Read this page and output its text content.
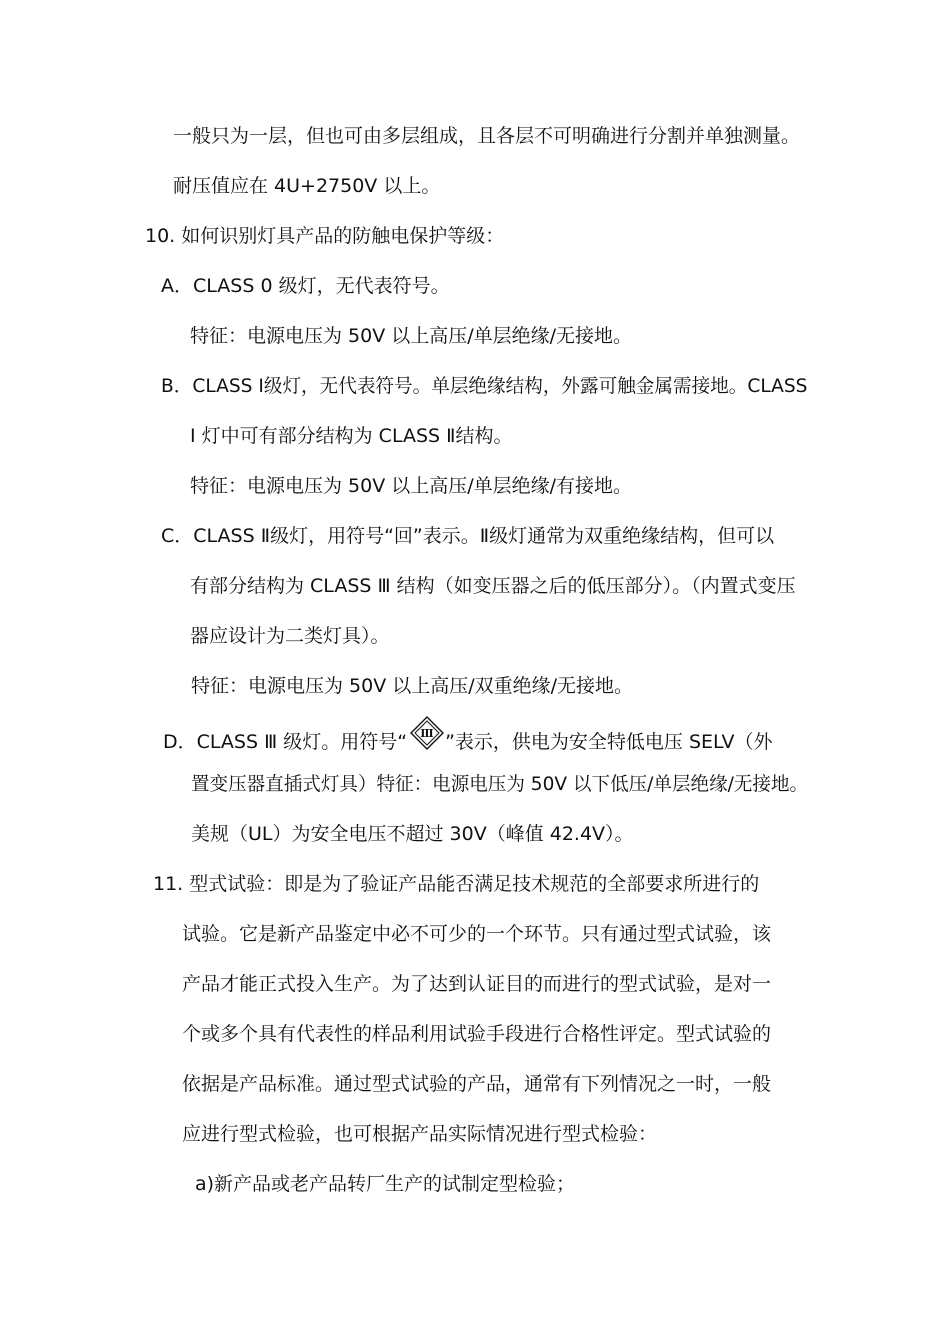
一般只为一层，但也可由多层组成，且各层不可明确进行分割并单独测量。
耐压值应在 4U+2750V 以上。
10. 如何识别灯具产品的防触电保护等级：
A．CLASS 0 级灯，无代表符号。
特征：电源电压为 50V 以上高压/单层绝缘/无接地。
B．CLASS Ⅰ级灯，无代表符号。单层绝缘结构，外露可触金属需接地。CLASS
Ⅰ 灯中可有部分结构为 CLASS Ⅱ结构。
特征：电源电压为 50V 以上高压/单层绝缘/有接地。
C．CLASS Ⅱ级灯，用符号“回”表示。Ⅱ级灯通常为双重绝缘结构，但可以
有部分结构为 CLASS Ⅲ 结构（如变压器之后的低压部分）。（内置式变压
器应设计为二类灯具）。
特征：电源电压为 50V 以上高压/双重绝缘/无接地。
D．CLASS Ⅲ 级灯。用符号“ Ⅲ ”表示，供电为安全特低电压 SELV（外
置变压器直插式灯具）特征：电源电压为 50V 以下低压/单层绝缘/无接地。
美规（UL）为安全电压不超过 30V（峰值 42.4V）。
11. 型式试验：即是为了验证产品能否满足技术规范的全部要求所进行的
试验。它是新产品鉴定中必不可少的一个环节。只有通过型式试验，该
产品才能正式投入生产。为了达到认证目的而进行的型式试验，是对一
个或多个具有代表性的样品利用试验手段进行合格性评定。型式试验的
依据是产品标准。通过型式试验的产品，通常有下列情况之一时，一般
应进行型式检验，也可根据产品实际情况进行型式检验：
a)新产品或老产品转厂生产的试制定型检验；
